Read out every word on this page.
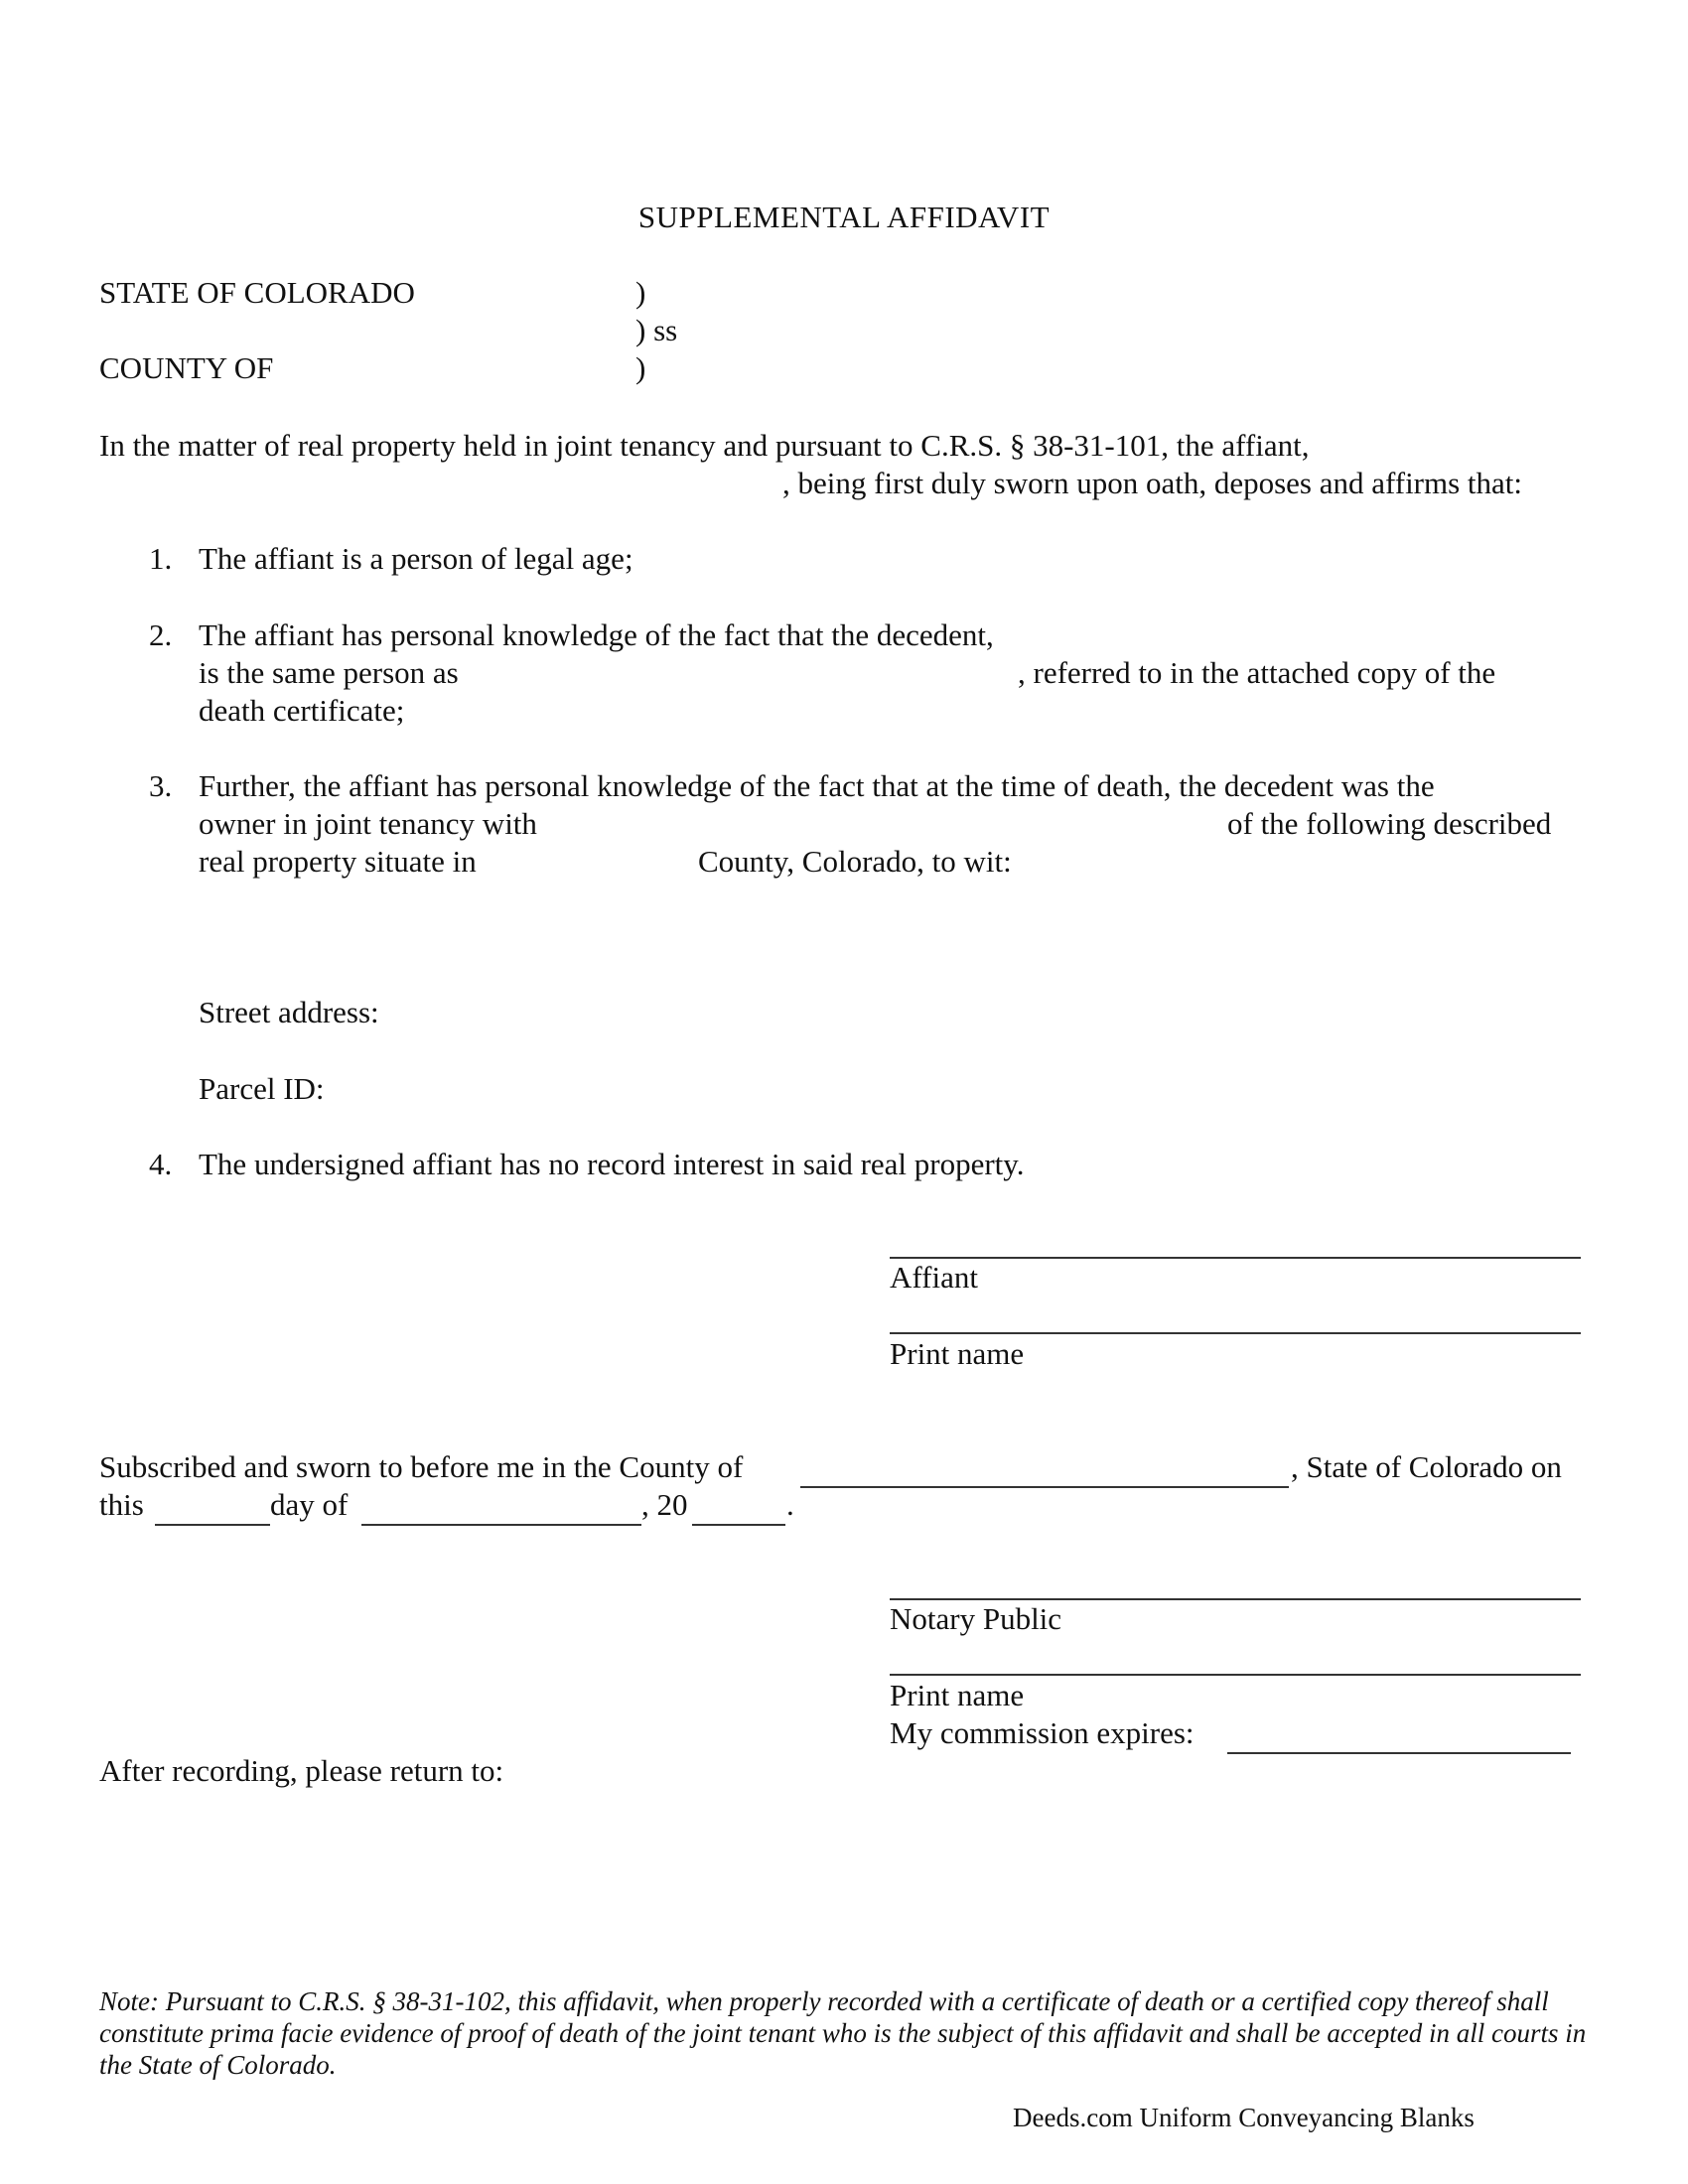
SUPPLEMENTAL AFFIDAVIT
STATE OF COLORADO	)
) ss
COUNTY OF	)
In the matter of real property held in joint tenancy and pursuant to C.R.S. § 38-31-101, the affiant,
, being first duly sworn upon oath, deposes and affirms that:
1. The affiant is a person of legal age;
2. The affiant has personal knowledge of the fact that the decedent,
is the same person as	, referred to in the attached copy of the
death certificate;
3. Further, the affiant has personal knowledge of the fact that at the time of death, the decedent was the
owner in joint tenancy with	of the following described
real property situate in	County, Colorado, to wit:
Street address:
Parcel ID:
4. The undersigned affiant has no record interest in said real property.
Affiant
Print name
Subscribed and sworn to before me in the County of	, State of Colorado on
this	day of	, 20	.
Notary Public
Print name
My commission expires:
After recording, please return to:
Note: Pursuant to C.R.S. § 38-31-102, this affidavit, when properly recorded with a certificate of death or a certified copy thereof shall constitute prima facie evidence of proof of death of the joint tenant who is the subject of this affidavit and shall be accepted in all courts in the State of Colorado.
Deeds.com Uniform Conveyancing Blanks
